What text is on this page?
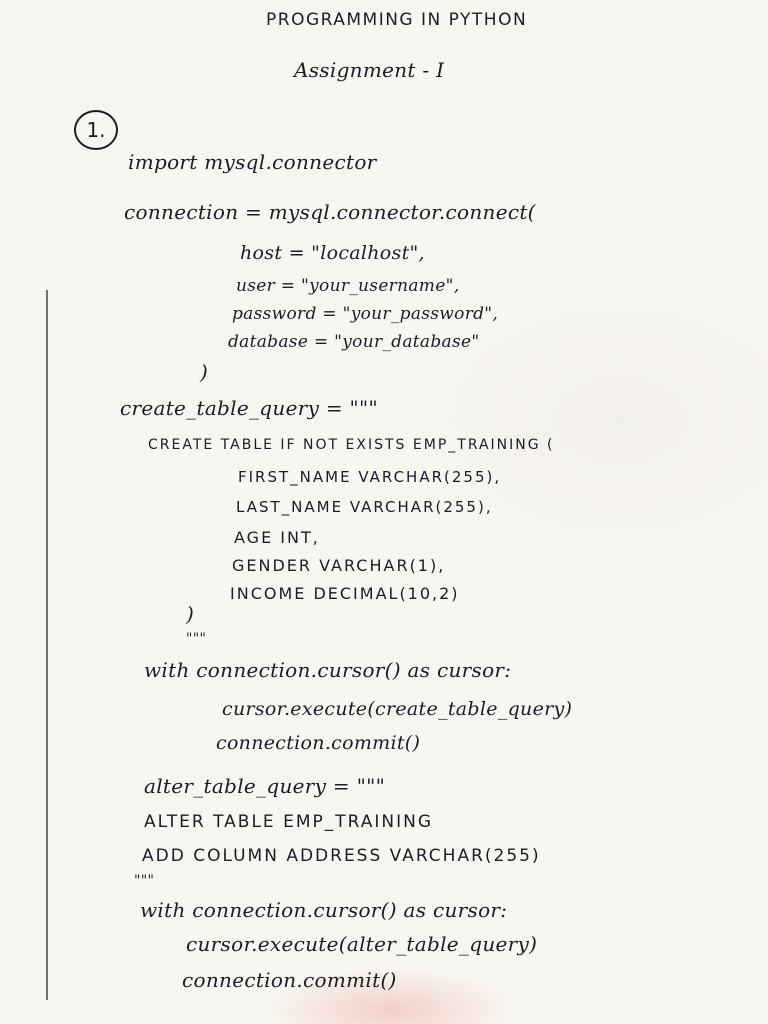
PROGRAMMING IN PYTHON
Assignment - I
1.
import mysql.connector
connection = mysql.connector.connect(
host = "localhost",
user = "your_username",
password = "your_password",
database = "your_database"
)
create_table_query = """
CREATE TABLE IF NOT EXISTS EMP_TRAINING (
FIRST_NAME VARCHAR(255),
LAST_NAME VARCHAR(255),
AGE INT,
GENDER VARCHAR(1),
INCOME DECIMAL(10,2)
)
"""
with connection.cursor() as cursor:
cursor.execute(create_table_query)
connection.commit()
alter_table_query = """
ALTER TABLE EMP_TRAINING
ADD COLUMN ADDRESS VARCHAR(255)
"""
with connection.cursor() as cursor:
cursor.execute(alter_table_query)
connection.commit()
